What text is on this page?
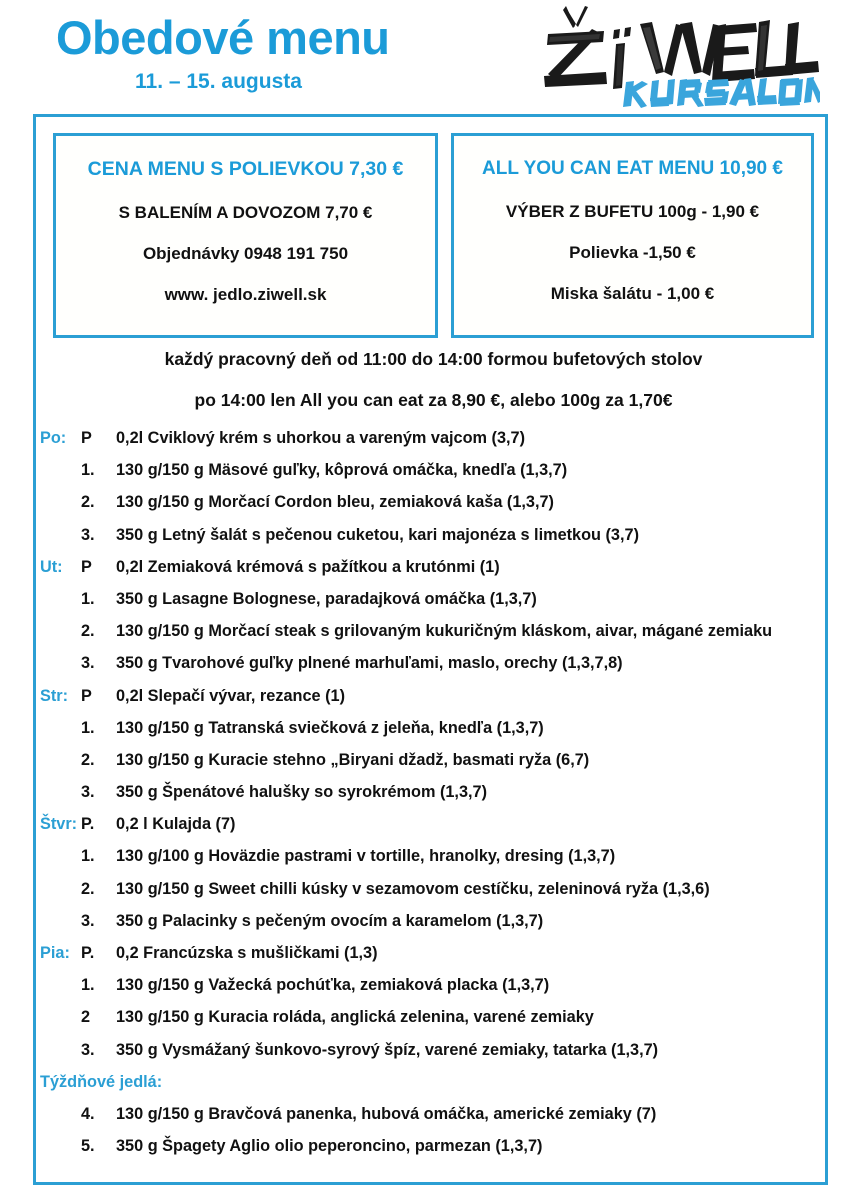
Obedové menu
11. – 15. augusta
CENA MENU S POLIEVKOU 7,30 €
S BALENÍM A DOVOZOM 7,70 €
Objednávky 0948 191 750
www. jedlo.ziwell.sk
ALL YOU CAN EAT MENU 10,90 €
VÝBER Z BUFETU 100g - 1,90 €
Polievka -1,50 €
Miska šalátu - 1,00 €
každý pracovný deň od 11:00 do 14:00 formou bufetových stolov
po 14:00 len All you can eat za 8,90 €, alebo 100g za 1,70€
Po: P 0,2l Cviklový krém s uhorkou a vareným vajcom (3,7)
1. 130 g/150 g Mäsové guľky, kôprová omáčka, knedľa (1,3,7)
2. 130 g/150 g Morčací Cordon bleu, zemiaková kaša (1,3,7)
3. 350 g Letný šalát s pečenou cuketou, kari majonéza s limetkou (3,7)
Ut: P 0,2l Zemiaková krémová s pažítkou a krutónmi (1)
1. 350 g Lasagne Bolognese, paradajková omáčka (1,3,7)
2. 130 g/150 g Morčací steak s grilovaným kukuričným kláskom, aivar, mágané zemiaku
3. 350 g Tvarohové guľky plnené marhuľami, maslo, orechy (1,3,7,8)
Str: P 0,2l Slepačí vývar, rezance (1)
1. 130 g/150 g Tatranská sviečková z jeleňa, knedľa (1,3,7)
2. 130 g/150 g Kuracie stehno „Biryani džadž, basmati ryža (6,7)
3. 350 g Špenátové halušky so syrokrémom (1,3,7)
Štvr: P. 0,2 l Kulajda (7)
1. 130 g/100 g Hoväzdie pastrami v tortille, hranolky, dresing (1,3,7)
2. 130 g/150 g Sweet chilli kúsky v sezamovom cestíčku, zeleninová ryža (1,3,6)
3. 350 g Palacinky s pečeným ovocím a karamelom (1,3,7)
Pia: P. 0,2 Francúzska s mušličkami (1,3)
1. 130 g/150 g Važecká pochúťka, zemiaková placka (1,3,7)
2 130 g/150 g Kuracia roláda, anglická zelenina, varené zemiaky
3. 350 g Vysmážaný šunkovo-syrový špíz, varené zemiaky, tatarka (1,3,7)
Týždňové jedlá:
4. 130 g/150 g Bravčová panenka, hubová omáčka, americké zemiaky (7)
5. 350 g Špagety Aglio olio peperoncino, parmezan (1,3,7)
